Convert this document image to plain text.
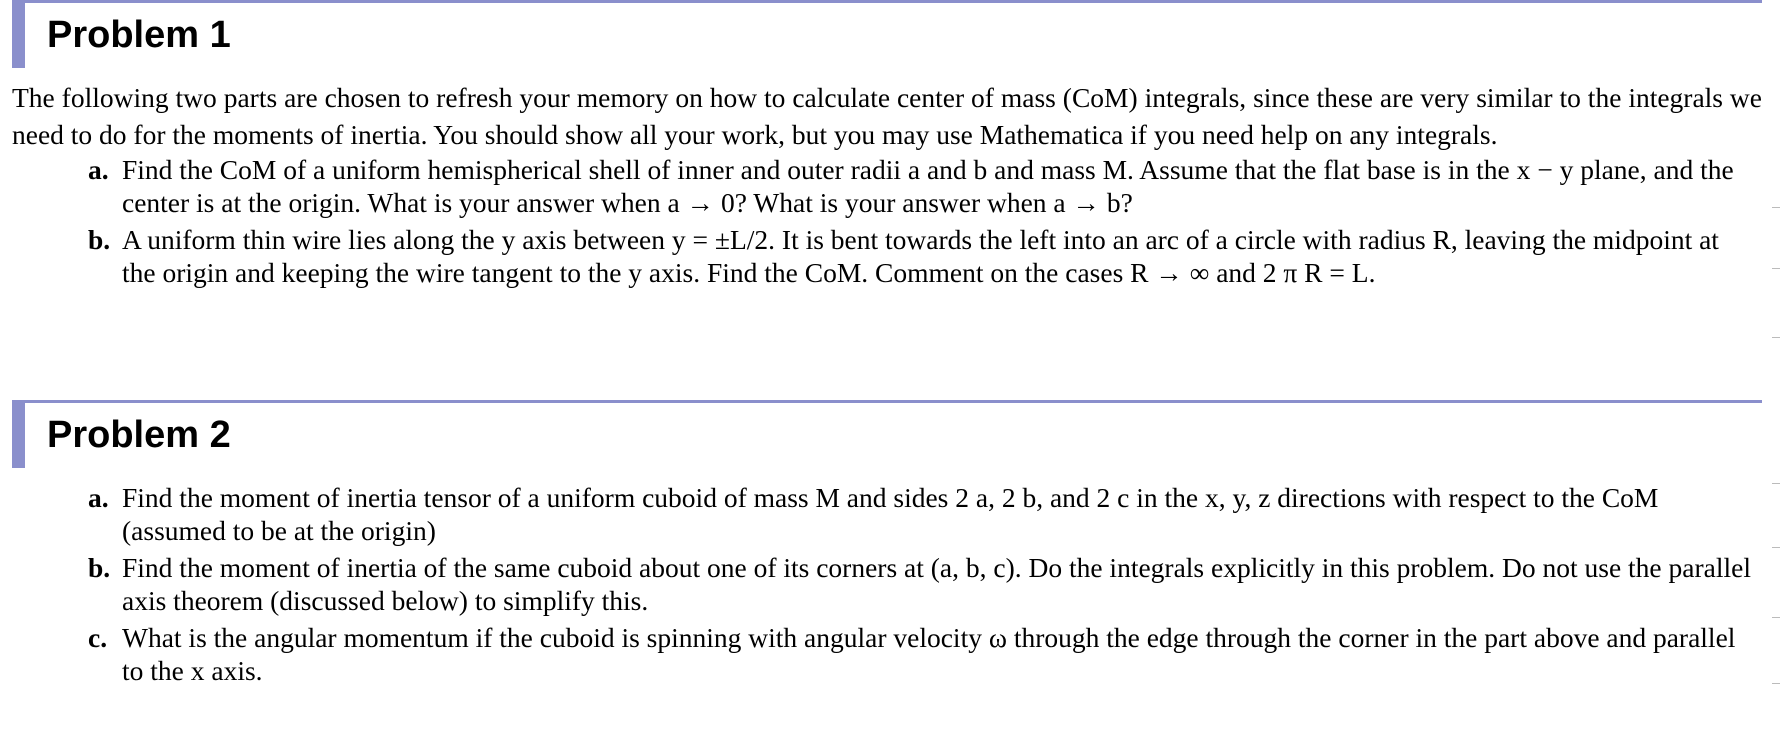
Problem 1

The following two parts are chosen to refresh your memory on how to calculate center of mass (CoM) integrals, since these are very similar to the integrals we need to do for the moments of inertia. You should show all your work, but you may use Mathematica if you need help on any integrals.

a. Find the CoM of a uniform hemispherical shell of inner and outer radii a and b and mass M. Assume that the flat base is in the x − y plane, and the center is at the origin. What is your answer when a → 0? What is your answer when a → b?
b. A uniform thin wire lies along the y axis between y = ±L/2. It is bent towards the left into an arc of a circle with radius R, leaving the midpoint at the origin and keeping the wire tangent to the y axis. Find the CoM. Comment on the cases R → ∞ and 2 π R = L.
Problem 2
a. Find the moment of inertia tensor of a uniform cuboid of mass M and sides 2 a, 2 b, and 2 c in the x, y, z directions with respect to the CoM (assumed to be at the origin)
b. Find the moment of inertia of the same cuboid about one of its corners at (a, b, c). Do the integrals explicitly in this problem. Do not use the parallel axis theorem (discussed below) to simplify this.
c. What is the angular momentum if the cuboid is spinning with angular velocity ω through the edge through the corner in the part above and parallel to the x axis.
